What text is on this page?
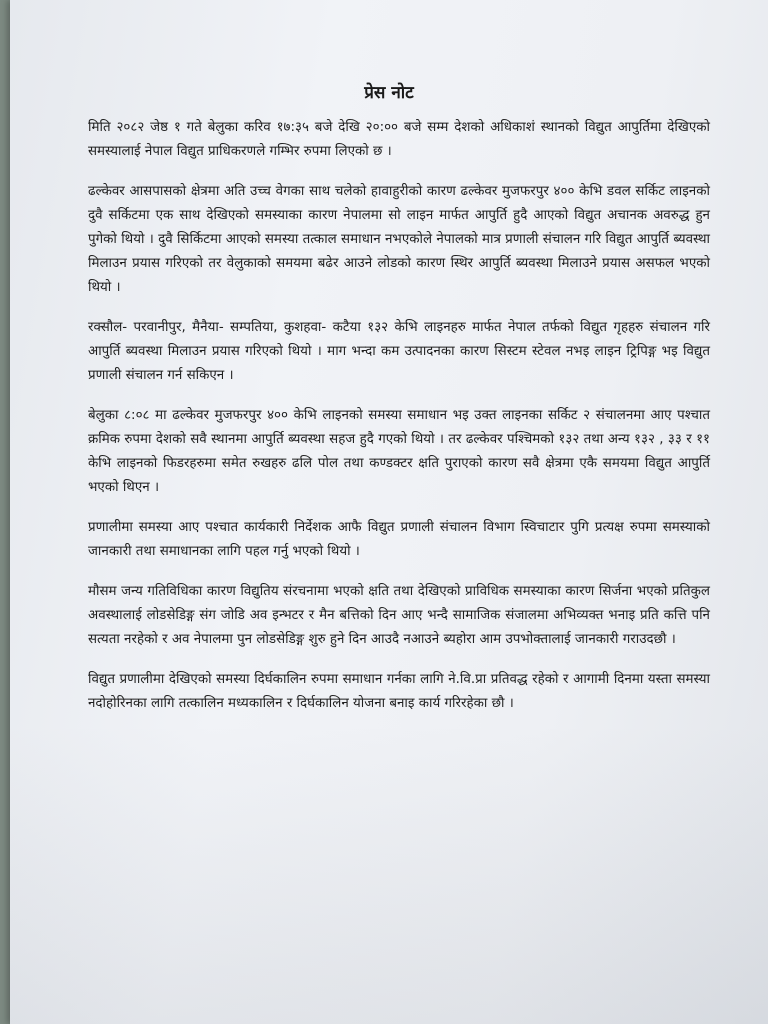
प्रेस नोट

मिति २०८२ जेष्ठ १ गते बेलुका करिव १७:३५ बजे देखि २०:०० बजे सम्म देशको अधिकाशं स्थानको विद्युत आपुर्तिमा देखिएको समस्यालाई नेपाल विद्युत प्राधिकरणले गम्भिर रुपमा लिएको छ ।

ढल्केवर आसपासको क्षेत्रमा अति उच्च वेगका साथ चलेको हावाहुरीको कारण ढल्केवर मुजफरपुर ४०० केभि डवल सर्किट लाइनको दुवै सर्किटमा एक साथ देखिएको समस्याका कारण नेपालमा सो लाइन मार्फत आपुर्ति हुदै आएको विद्युत अचानक अवरुद्ध हुन पुगेको थियो । दुवै सिर्किटमा आएको समस्या तत्काल समाधान नभएकोले नेपालको मात्र प्रणाली संचालन गरि विद्युत आपुर्ति ब्यवस्था मिलाउन प्रयास गरिएको तर वेलुकाको समयमा बढेर आउने लोडको कारण स्थिर आपुर्ति ब्यवस्था मिलाउने प्रयास असफल भएको थियो ।

रक्सौल- परवानीपुर, मैनैया- सम्पतिया, कुशहवा- कटैया १३२ केभि लाइनहरु मार्फत नेपाल तर्फको विद्युत गृहहरु संचालन गरि आपुर्ति ब्यवस्था मिलाउन प्रयास गरिएको थियो । माग भन्दा कम उत्पादनका कारण सिस्टम स्टेवल नभइ लाइन ट्रिपिङ्ग भइ विद्युत प्रणाली संचालन गर्न सकिएन ।

बेलुका ८:०८ मा ढल्केवर मुजफरपुर ४०० केभि लाइनको समस्या समाधान भइ उक्त लाइनका सर्किट २ संचालनमा आए पश्चात क्रमिक रुपमा देशको सवै स्थानमा आपुर्ति ब्यवस्था सहज हुदै गएको थियो । तर ढल्केवर पश्चिमको १३२ तथा अन्य १३२ , ३३ र ११ केभि लाइनको फिडरहरुमा समेत रुखहरु ढलि पोल तथा कण्डक्टर क्षति पुराएको कारण सवै क्षेत्रमा एकै समयमा विद्युत आपुर्ति भएको थिएन ।

प्रणालीमा समस्या आए पश्चात कार्यकारी निर्देशक आफै विद्युत प्रणाली संचालन विभाग स्विचाटार पुगि प्रत्यक्ष रुपमा समस्याको जानकारी तथा समाधानका लागि पहल गर्नु भएको थियो ।

मौसम जन्य गतिविधिका कारण विद्युतिय संरचनामा भएको क्षति तथा देखिएको प्राविधिक समस्याका कारण सिर्जना भएको प्रतिकुल अवस्थालाई लोडसेडिङ्ग संग जोडि अव इन्भटर र मैन बत्तिको दिन आए भन्दै सामाजिक संजालमा अभिव्यक्त भनाइ प्रति कत्ति पनि सत्यता नरहेको र अव नेपालमा पुन लोडसेडिङ्ग शुरु हुने दिन आउदै नआउने ब्यहोरा आम उपभोक्तालाई जानकारी गराउदछौ ।

विद्युत प्रणालीमा देखिएको समस्या दिर्घकालिन रुपमा समाधान गर्नका लागि ने.वि.प्रा प्रतिवद्ध रहेको र आगामी दिनमा यस्ता समस्या नदोहोरिनका लागि तत्कालिन मध्यकालिन र दिर्घकालिन योजना बनाइ कार्य गरिरहेका छौ ।
